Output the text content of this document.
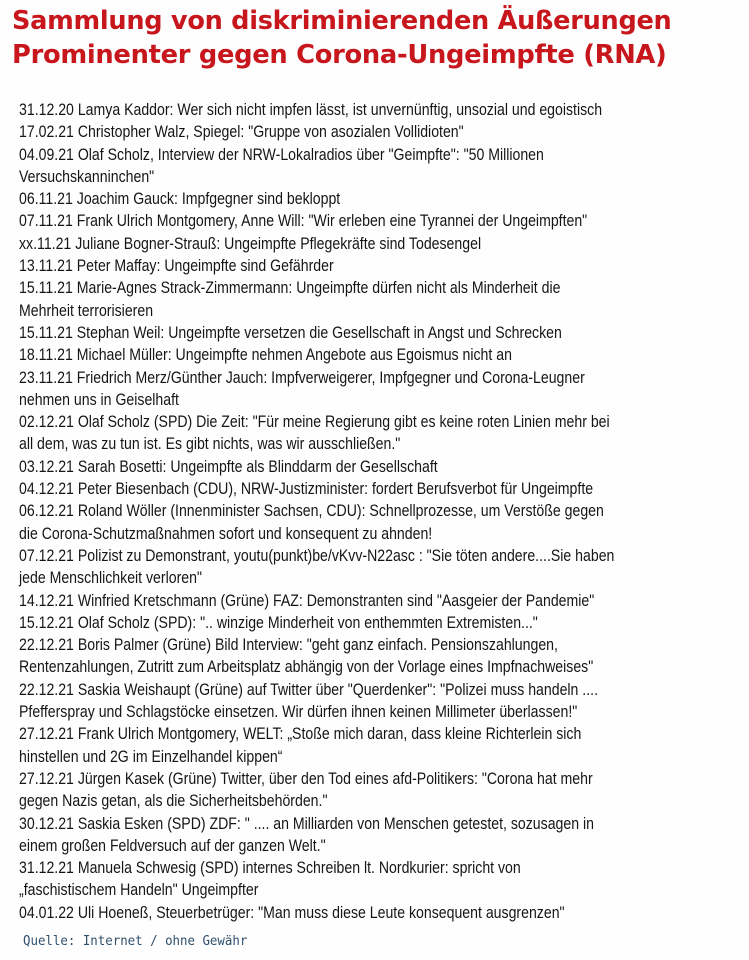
Sammlung von diskriminierenden Äußerungen
Prominenter gegen Corona-Ungeimpfte (RNA)
31.12.20 Lamya Kaddor: Wer sich nicht impfen lässt, ist unvernünftig, unsozial und egoistisch
17.02.21 Christopher Walz, Spiegel: "Gruppe von asozialen Vollidioten"
04.09.21 Olaf Scholz, Interview der NRW-Lokalradios über "Geimpfte": "50 Millionen
Versuchskanninchen"
06.11.21 Joachim Gauck: Impfgegner sind bekloppt
07.11.21 Frank Ulrich Montgomery, Anne Will: "Wir erleben eine Tyrannei der Ungeimpften"
xx.11.21 Juliane Bogner-Strauß: Ungeimpfte Pflegekräfte sind Todesengel
13.11.21 Peter Maffay: Ungeimpfte sind Gefährder
15.11.21 Marie-Agnes Strack-Zimmermann: Ungeimpfte dürfen nicht als Minderheit die
Mehrheit terrorisieren
15.11.21 Stephan Weil: Ungeimpfte versetzen die Gesellschaft in Angst und Schrecken
18.11.21 Michael Müller: Ungeimpfte nehmen Angebote aus Egoismus nicht an
23.11.21 Friedrich Merz/Günther Jauch: Impfverweigerer, Impfgegner und Corona-Leugner
nehmen uns in Geiselhaft
02.12.21 Olaf Scholz (SPD) Die Zeit: "Für meine Regierung gibt es keine roten Linien mehr bei
all dem, was zu tun ist. Es gibt nichts, was wir ausschließen."
03.12.21 Sarah Bosetti: Ungeimpfte als Blinddarm der Gesellschaft
04.12.21 Peter Biesenbach (CDU), NRW-Justizminister: fordert Berufsverbot für Ungeimpfte
06.12.21 Roland Wöller (Innenminister Sachsen, CDU): Schnellprozesse, um Verstöße gegen
die Corona-Schutzmaßnahmen sofort und konsequent zu ahnden!
07.12.21 Polizist zu Demonstrant, youtu(punkt)be/vKvv-N22asc : "Sie töten andere....Sie haben
jede Menschlichkeit verloren"
14.12.21 Winfried Kretschmann (Grüne) FAZ: Demonstranten sind "Aasgeier der Pandemie"
15.12.21 Olaf Scholz (SPD): ".. winzige Minderheit von enthemmten Extremisten..."
22.12.21 Boris Palmer (Grüne) Bild Interview: "geht ganz einfach. Pensionszahlungen,
Rentenzahlungen, Zutritt zum Arbeitsplatz abhängig von der Vorlage eines Impfnachweises"
22.12.21 Saskia Weishaupt (Grüne) auf Twitter über "Querdenker": "Polizei muss handeln ....
Pfefferspray und Schlagstöcke einsetzen. Wir dürfen ihnen keinen Millimeter überlassen!"
27.12.21 Frank Ulrich Montgomery, WELT: „Stoße mich daran, dass kleine Richterlein sich
hinstellen und 2G im Einzelhandel kippen“
27.12.21 Jürgen Kasek (Grüne) Twitter, über den Tod eines afd-Politikers: "Corona hat mehr
gegen Nazis getan, als die Sicherheitsbehörden."
30.12.21 Saskia Esken (SPD) ZDF: " .... an Milliarden von Menschen getestet, sozusagen in
einem großen Feldversuch auf der ganzen Welt."
31.12.21 Manuela Schwesig (SPD) internes Schreiben lt. Nordkurier: spricht von
„faschistischem Handeln" Ungeimpfter
04.01.22 Uli Hoeneß, Steuerbetrüger: "Man muss diese Leute konsequent ausgrenzen"
Quelle: Internet / ohne Gewähr
